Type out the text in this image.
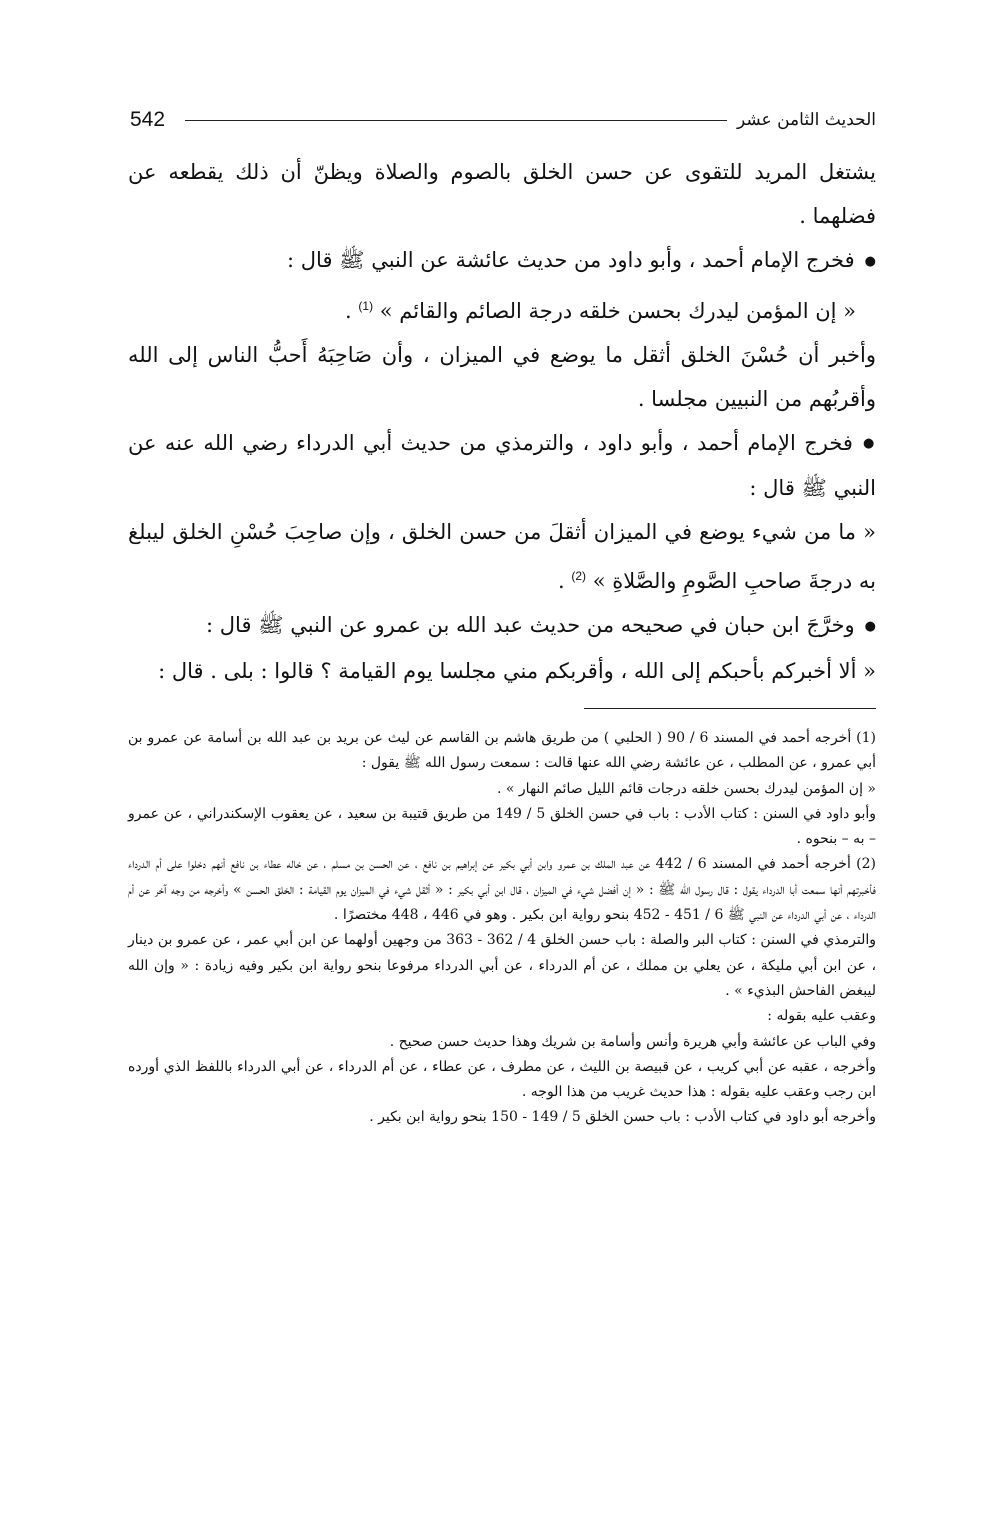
542	الحديث الثامن عشر

يشتغل المريد للتقوى عن حسن الخلق بالصوم والصلاة ويظنّ أن ذلك يقطعه عن فضلهما .

● فخرج الإمام أحمد ، وأبو داود من حديث عائشة عن النبي ﷺ قال :

« إن المؤمن ليدرك بحسن خلقه درجة الصائم والقائم » $^{(1)}$ .

وأخبر أن حُسْنَ الخلق أثقل ما يوضع في الميزان ، وأن صَاحِبَهُ أَحبُّ الناس إلى الله وأقربُهم من النبيين مجلسا .

● فخرج الإمام أحمد ، وأبو داود ، والترمذي من حديث أبي الدرداء رضي الله عنه عن النبي ﷺ قال :

« ما من شيء يوضع في الميزان أثقلَ من حسن الخلق ، وإن صاحِبَ حُسْنِ الخلق ليبلغ به درجةَ صاحبِ الصَّومِ والصَّلاةِ » $^{(2)}$ .

● وخرَّجَ ابن حبان في صحيحه من حديث عبد الله بن عمرو عن النبي ﷺ قال :

« ألا أخبركم بأحبكم إلى الله ، وأقربكم مني مجلسا يوم القيامة ؟ قالوا : بلى . قال :

(1) أخرجه أحمد في المسند 6 / 90 ( الحلبي ) من طريق هاشم بن القاسم عن ليث عن بريد بن عبد الله بن أسامة عن عمرو بن أبي عمرو ، عن المطلب ، عن عائشة رضي الله عنها قالت : سمعت رسول الله ﷺ يقول :

« إن المؤمن ليدرك بحسن خلقه درجات قائم الليل صائم النهار » .

وأبو داود في السنن : كتاب الأدب : باب في حسن الخلق 5 / 149 من طريق قتيبة بن سعيد ، عن يعقوب الإسكندراني ، عن عمرو – به – بنحوه .

(2) أخرجه أحمد في المسند 6 / 442 عن عبد الملك بن عمرو وابن أبي بكير عن إبراهيم بن نافع ، عن الحسن بن مسلم ، عن خاله عطاء بن نافع أنهم دخلوا على أم الدرداء فأخبرتهم أنها سمعت أبا الدرداء يقول : قال رسول الله ﷺ : « إن أفضل شيء في الميزان ، قال ابن أبي بكير : « أثقل شيء في الميزان يوم القيامة : الخلق الحسن » وأخرجه من وجه آخر عن أم الدرداء ، عن أبي الدرداء عن النبي ﷺ 6 / 451 - 452 بنحو رواية ابن بكير . وهو في 446 ، 448 مختصرًا .

والترمذي في السنن : كتاب البر والصلة : باب حسن الخلق 4 / 362 - 363 من وجهين أولهما عن ابن أبي عمر ، عن عمرو بن دينار ، عن ابن أبي مليكة ، عن يعلي بن مملك ، عن أم الدرداء ، عن أبي الدرداء مرفوعا بنحو رواية ابن بكير وفيه زيادة : « وإن الله ليبغض الفاحش البذيء » .

وعقب عليه بقوله :

وفي الباب عن عائشة وأبي هريرة وأنس وأسامة بن شريك وهذا حديث حسن صحيح .

وأخرجه ، عقبه عن أبي كريب ، عن قبيصة بن الليث ، عن مطرف ، عن عطاء ، عن أم الدرداء ، عن أبي الدرداء باللفظ الذي أورده ابن رجب وعقب عليه بقوله : هذا حديث غريب من هذا الوجه .

وأخرجه أبو داود في كتاب الأدب : باب حسن الخلق 5 / 149 - 150 بنحو رواية ابن بكير .
